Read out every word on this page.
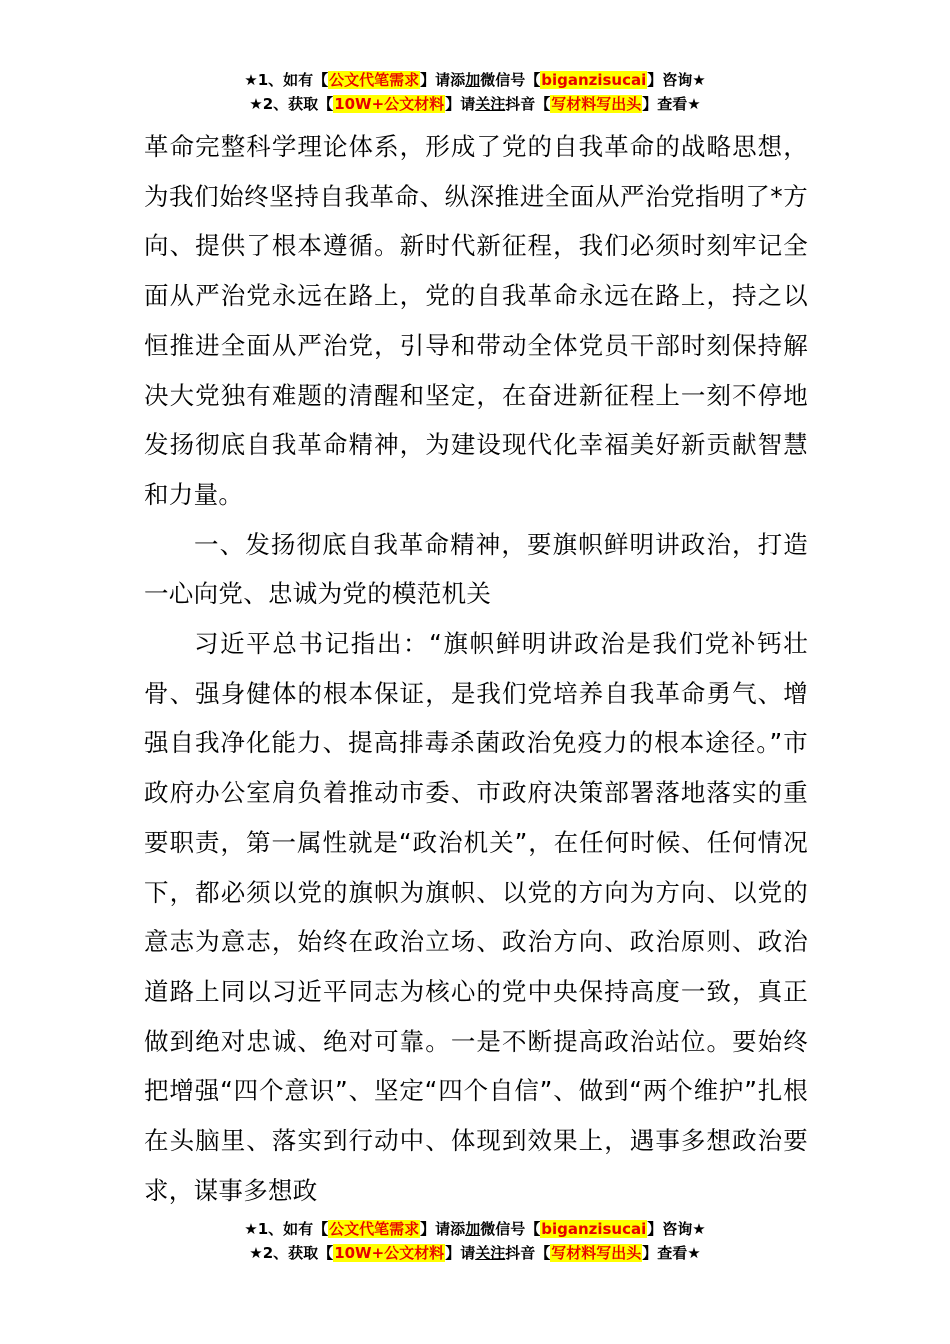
★1、如有【公文代笔需求】请添加微信号【biganzisucai】咨询★
★2、获取【10W+公文材料】请关注抖音【写材料写出头】查看★

革命完整科学理论体系，形成了党的自我革命的战略思想，为我们始终坚持自我革命、纵深推进全面从严治党指明了*方向、提供了根本遵循。新时代新征程，我们必须时刻牢记全面从严治党永远在路上，党的自我革命永远在路上，持之以恒推进全面从严治党，引导和带动全体党员干部时刻保持解决大党独有难题的清醒和坚定，在奋进新征程上一刻不停地发扬彻底自我革命精神，为建设现代化幸福美好新贡献智慧和力量。

一、发扬彻底自我革命精神，要旗帜鲜明讲政治，打造一心向党、忠诚为党的模范机关

习近平总书记指出：“旗帜鲜明讲政治是我们党补钙壮骨、强身健体的根本保证，是我们党培养自我革命勇气、增强自我净化能力、提高排毒杀菌政治免疫力的根本途径。”市政府办公室肩负着推动市委、市政府决策部署落地落实的重要职责，第一属性就是“政治机关”，在任何时候、任何情况下，都必须以党的旗帜为旗帜、以党的方向为方向、以党的意志为意志，始终在政治立场、政治方向、政治原则、政治道路上同以习近平同志为核心的党中央保持高度一致，真正做到绝对忠诚、绝对可靠。一是不断提高政治站位。要始终把增强“四个意识”、坚定“四个自信”、做到“两个维护”扎根在头脑里、落实到行动中、体现到效果上，遇事多想政治要求，谋事多想政

★1、如有【公文代笔需求】请添加微信号【biganzisucai】咨询★
★2、获取【10W+公文材料】请关注抖音【写材料写出头】查看★
